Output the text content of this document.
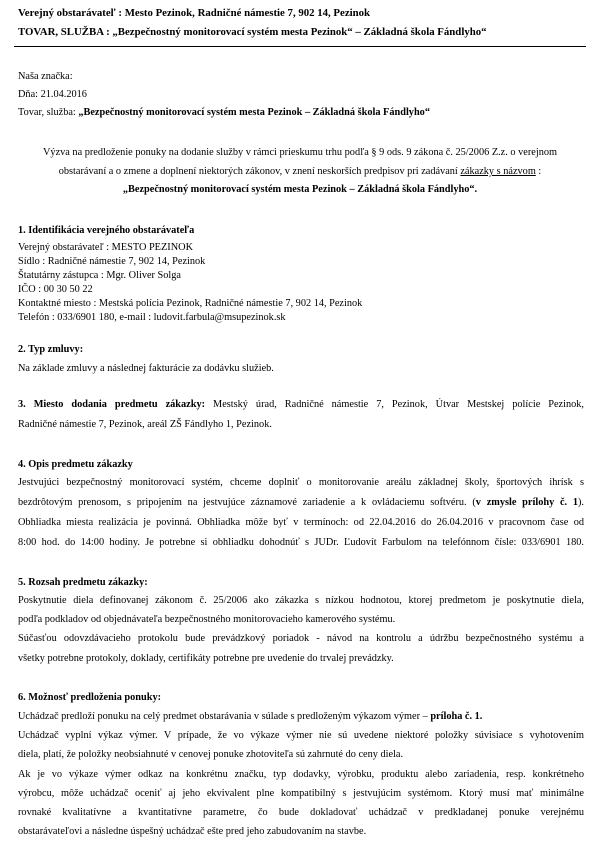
Verejný obstarávateľ : Mesto Pezinok, Radničné námestie 7, 902 14, Pezinok
TOVAR, SLUŽBA : „Bezpečnostný monitorovací systém mesta Pezinok“ – Základná škola Fándlyho“
Naša značka:
Dňa: 21.04.2016
Tovar, služba: „Bezpečnostný monitorovací systém mesta Pezinok – Základná škola Fándlyho“
Výzva na predloženie ponuky na dodanie služby v rámci prieskumu trhu podľa § 9 ods. 9 zákona č. 25/2006 Z.z. o verejnom
obstarávaní a o zmene a doplnení niektorých zákonov, v znení neskorších predpisov pri zadávaní zákazky s názvom :
„Bezpečnostný monitorovací systém mesta Pezinok – Základná škola Fándlyho“.
1. Identifikácia verejného obstarávateľa
Verejný obstarávateľ : MESTO PEZINOK
Sídlo : Radničné námestie 7, 902 14, Pezinok
Štatutárny zástupca : Mgr. Oliver Solga
IČO : 00 30 50 22
Kontaktné miesto : Mestská polícia Pezinok, Radničné námestie 7, 902 14, Pezinok
Telefón : 033/6901 180, e-mail : ludovit.farbula@msupezinok.sk
2. Typ zmluvy:
Na základe zmluvy a následnej fakturácie za dodávku služieb.
3. Miesto dodania predmetu zákazky: Mestský úrad, Radničné námestie 7, Pezinok, Útvar Mestskej polície Pezinok,
Radničné námestie 7, Pezinok, areál ZŠ Fándlyho 1, Pezinok.
4. Opis predmetu zákazky
Jestvujúci bezpečnostný monitorovací systém, chceme doplniť o monitorovanie areálu základnej školy, športových ihrísk s
bezdrôtovým prenosom, s pripojením na jestvujúce záznamové zariadenie a k ovládaciemu softvéru. (v zmysle prílohy č. 1).
Obhliadka miesta realizácia je povinná. Obhliadka môže byť v termínoch: od 22.04.2016 do 26.04.2016 v pracovnom čase od
8:00 hod. do 14:00 hodiny. Je potrebne si obhliadku dohodnúť s JUDr. Ľudovít Farbulom na telefónnom čísle: 033/6901 180.
5. Rozsah predmetu zákazky:
Poskytnutie diela definovanej zákonom č. 25/2006 ako zákazka s nízkou hodnotou, ktorej predmetom je poskytnutie diela,
podľa podkladov od objednávateľa bezpečnostného monitorovacieho kamerového systému.
Súčasťou odovzdávacieho protokolu bude prevádzkový poriadok - návod na kontrolu a údržbu bezpečnostného systému a
všetky potrebne protokoly, doklady, certifikáty potrebne pre uvedenie do trvalej prevádzky.
6. Možnosť predloženia ponuky:
Uchádzač predloží ponuku na celý predmet obstarávania v súlade s predloženým výkazom výmer – príloha č. 1.
Uchádzač vyplní výkaz výmer. V prípade, že vo výkaze výmer nie sú uvedene niektoré položky súvisiace s vyhotovením
diela, platí, že položky neobsiahnuté v cenovej ponuke zhotoviteľa sú zahrnuté do ceny diela.
Ak je vo výkaze výmer odkaz na konkrétnu značku, typ dodavky, výrobku, produktu alebo zariadenia, resp. konkrétneho
výrobcu, môže uchádzač oceniť aj jeho ekvivalent plne kompatibilný s jestvujúcim systémom. Ktorý musí mať minimálne
rovnaké kvalitatívne a kvantitatívne parametre, čo bude dokladovať uchádzač v predkladanej ponuke verejnému
obstarávateľovi a následne úspešný uchádzač ešte pred jeho zabudovaním na stavbe.
